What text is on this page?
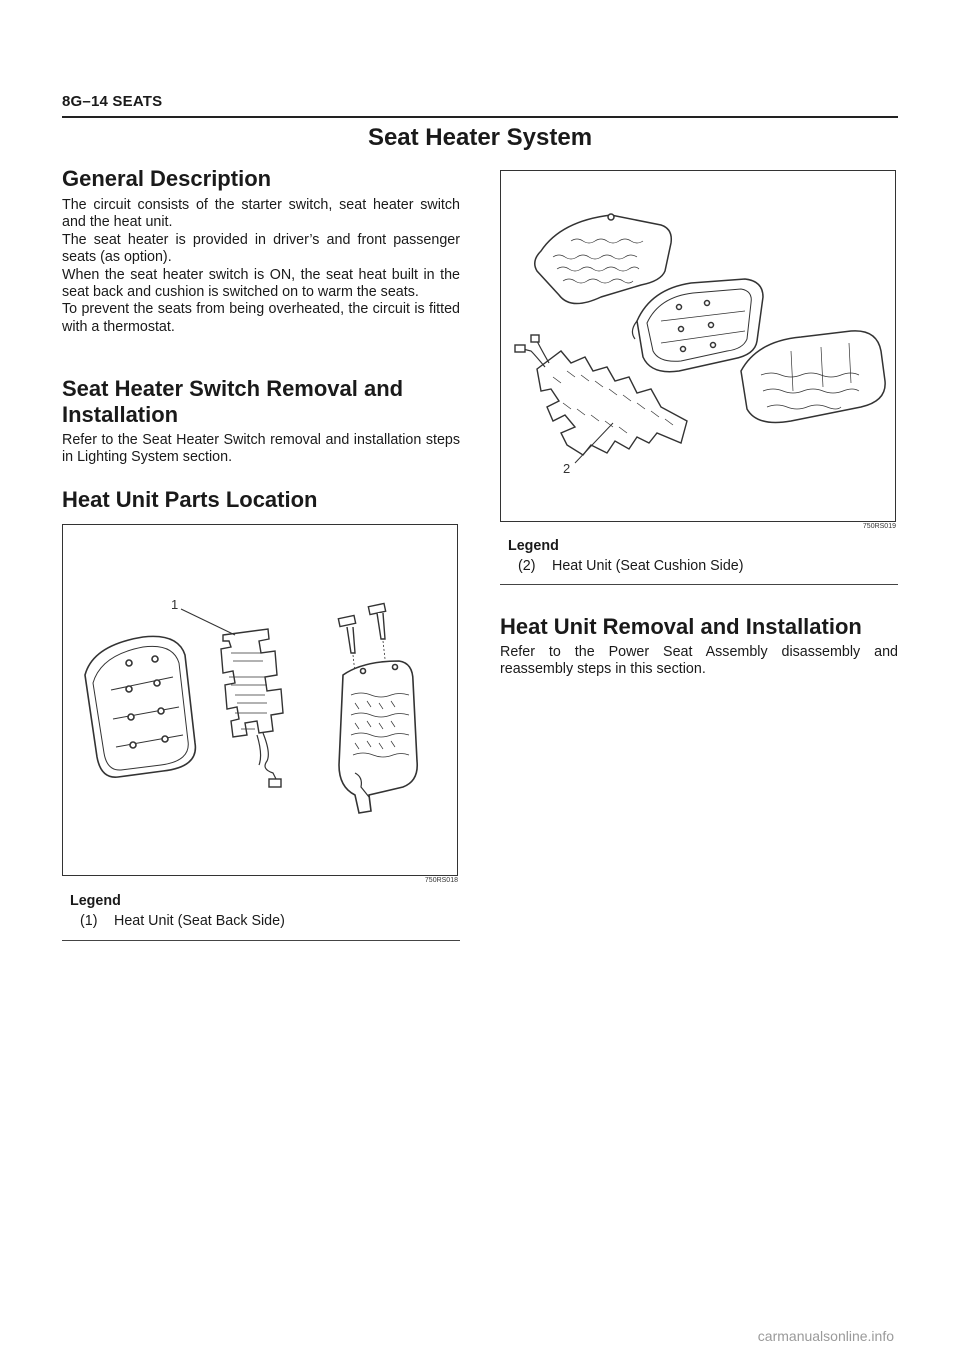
8G–14 SEATS
Seat Heater System
General Description

The circuit consists of the starter switch, seat heater switch and the heat unit.

The seat heater is provided in driver’s and front passenger seats (as option).

When the seat heater switch is ON, the seat heat built in the seat back and cushion is switched on to warm the seats.

To prevent the seats from being overheated, the circuit is fitted with a thermostat.

Seat Heater Switch Removal and
Installation

Refer to the Seat Heater Switch removal and installation steps in Lighting System section.

Heat Unit Parts Location
1
750RS018
Legend
(1) Heat Unit (Seat Back Side)
2
750RS019
Legend
(2) Heat Unit (Seat Cushion Side)
Heat Unit Removal and Installation

Refer to the Power Seat Assembly disassembly and reassembly steps in this section.

carmanualsonline.info
